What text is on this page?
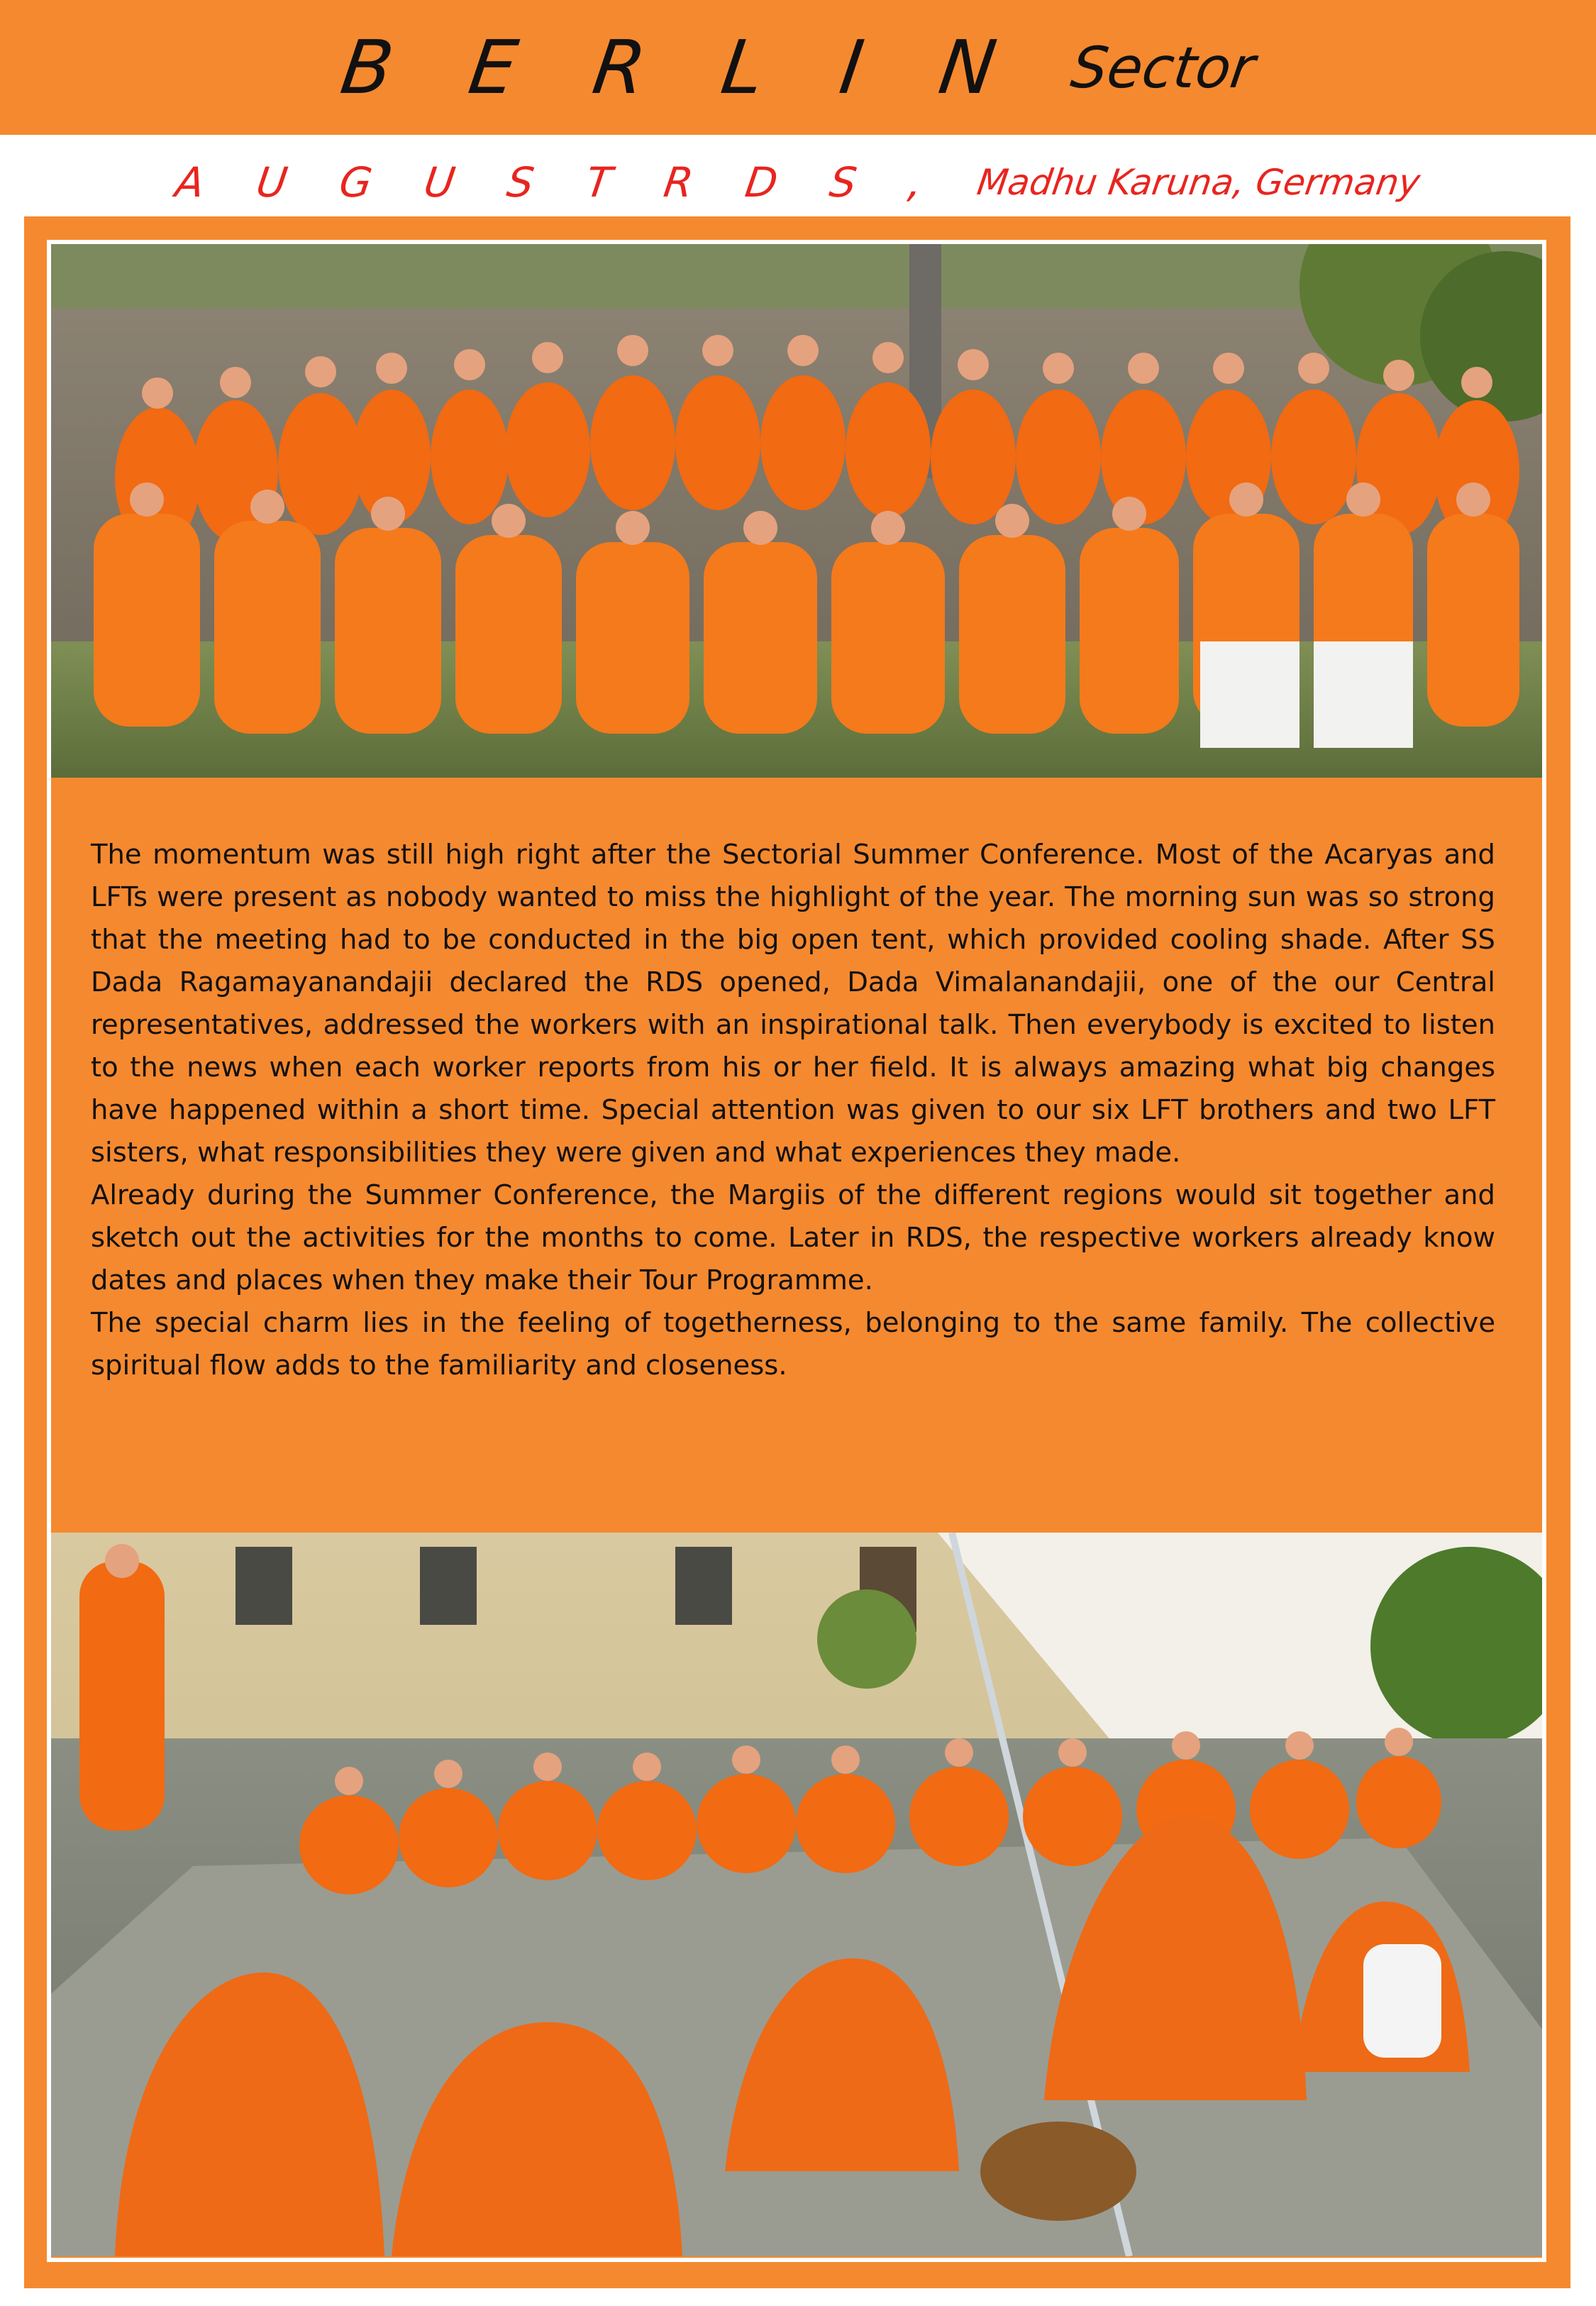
B E R L I N Sector
A U G U S T R D S , Madhu Karuna, Germany

The momentum was still high right after the Sectorial Summer Conference. Most of the Acaryas and LFTs were present as nobody wanted to miss the highlight of the year. The morning sun was so strong that the meeting had to be conducted in the big open tent, which provided cooling shade. After SS Dada Ragamayanandajii declared the RDS opened, Dada Vimalanandajii, one of the our Central representatives, addressed the workers with an inspirational talk. Then everybody is excited to listen to the news when each worker reports from his or her field. It is always amazing what big changes have happened within a short time. Special attention was given to our six LFT brothers and two LFT sisters, what responsibilities they were given and what experiences they made.

Already during the Summer Conference, the Margiis of the different regions would sit together and sketch out the activities for the months to come. Later in RDS, the respective workers already know dates and places when they make their Tour Programme.

The special charm lies in the feeling of togetherness, belonging to the same family. The collective spiritual flow adds to the familiarity and closeness.
